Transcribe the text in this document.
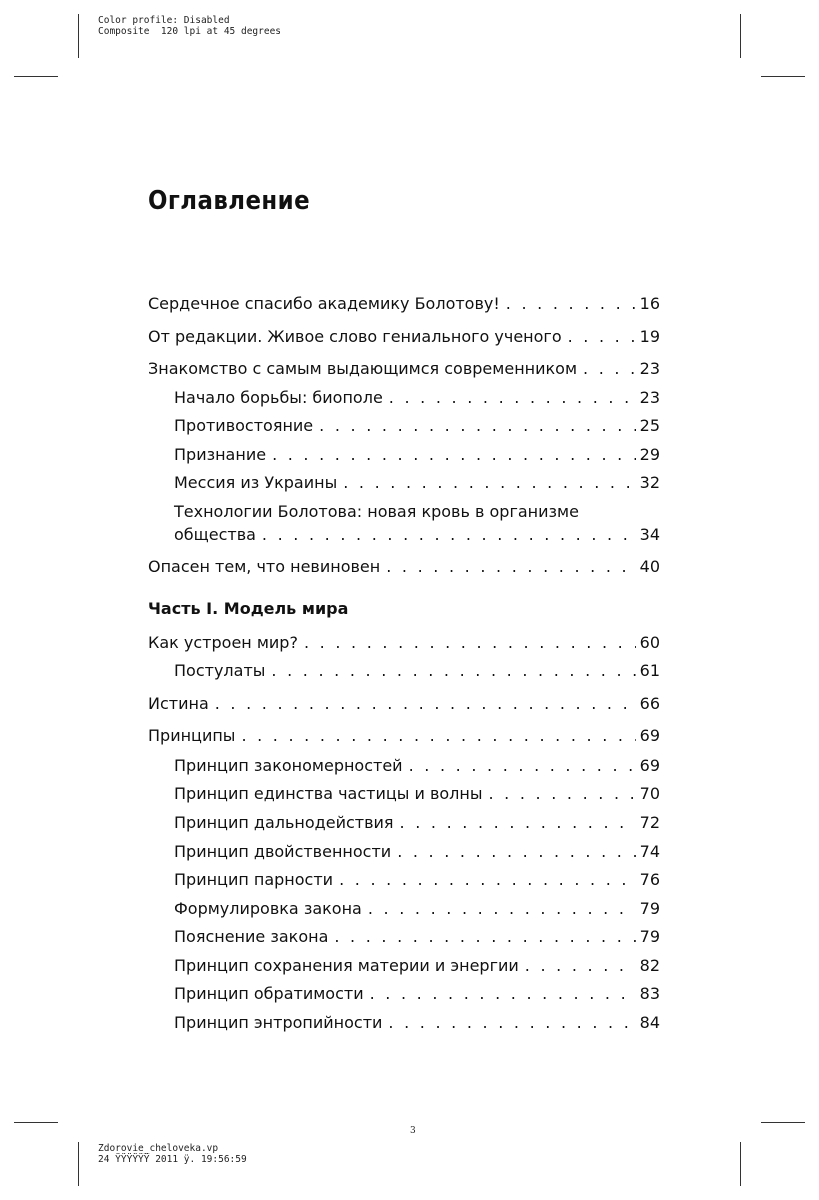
Color profile: Disabled
Composite  120 lpi at 45 degrees
Оглавление
Сердечное спасибо академику Болотову! .....	16
От редакции. Живое слово гениального ученого .....	19
Знакомство с самым выдающимся современником .....	23
Начало борьбы: биополе .....	23
Противостояние .....	25
Признание .....	29
Мессия из Украины .....	32
Технологии Болотова: новая кровь в организме
общества .....	34
Опасен тем, что невиновен .....	40
Часть I. Модель мира
Как устроен мир? .....	60
Постулаты .....	61
Истина .....	66
Принципы .....	69
Принцип закономерностей .....	69
Принцип единства частицы и волны .....	70
Принцип дальнодействия .....	72
Принцип двойственности .....	74
Принцип парности .....	76
Формулировка закона .....	79
Пояснение закона .....	79
Принцип сохранения материи и энергии .....	82
Принцип обратимости .....	83
Принцип энтропийности .....	84
3
Zdorovie_cheloveka.vp
24 ŸŸŸŸŸŸ 2011 ÿ. 19:56:59
